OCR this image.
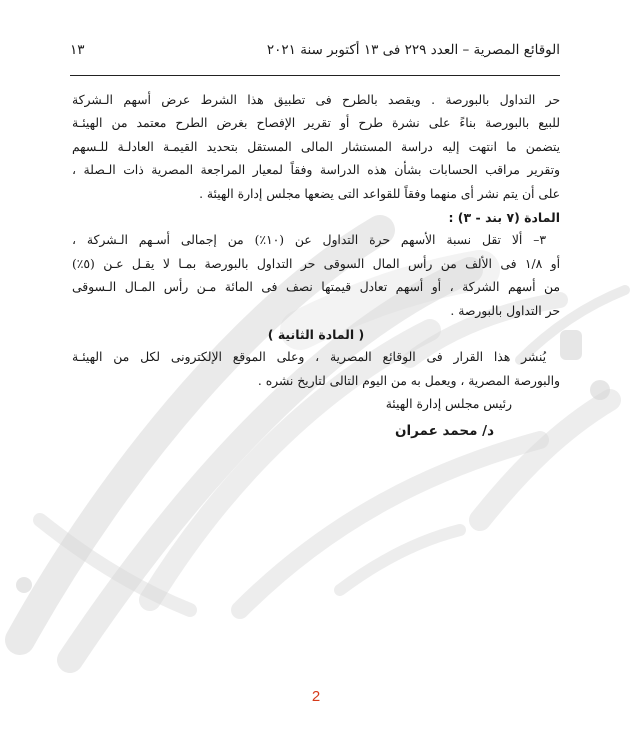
الوقائع المصرية – العدد ٢٢٩ فى ١٣ أكتوبر سنة ٢٠٢١
١٣
حر التداول بالبورصة . ويقصد بالطرح فى تطبيق هذا الشرط عرض أسهم الـشركة
للبيع بالبورصة بناءً على نشرة طرح أو تقرير الإفصاح بغرض الطرح معتمد من الهيئـة
يتضمن ما انتهت إليه دراسة المستشار المالى المستقل بتحديد القيمـة العادلـة للـسهم
وتقرير مراقب الحسابات بشأن هذه الدراسة وفقاً لمعيار المراجعة المصرية ذات الـصلة ،
على أن يتم نشر أى منهما وفقاً للقواعد التى يضعها مجلس إدارة الهيئة .
المادة (٧ بند - ٣) :
٣– ألا تقل نسبة الأسهم حرة التداول عن (١٠٪) من إجمالى أسـهم الـشركة ،
أو ١/٨ فى الألف من رأس المال السوقى حر التداول بالبورصة بمـا لا يقـل عـن (٥٪)
من أسهم الشركة ، أو أسهم تعادل قيمتها نصف فى المائة مـن رأس المـال الـسوقى
حر التداول بالبورصة .
( المادة الثانية )
يُنشر هذا القرار فى الوقائع المصرية ، وعلى الموقع الإلكترونى لكل من الهيئـة
والبورصة المصرية ، ويعمل به من اليوم التالى لتاريخ نشره .
رئيس مجلس إدارة الهيئة
د/ محمد عمران
2
